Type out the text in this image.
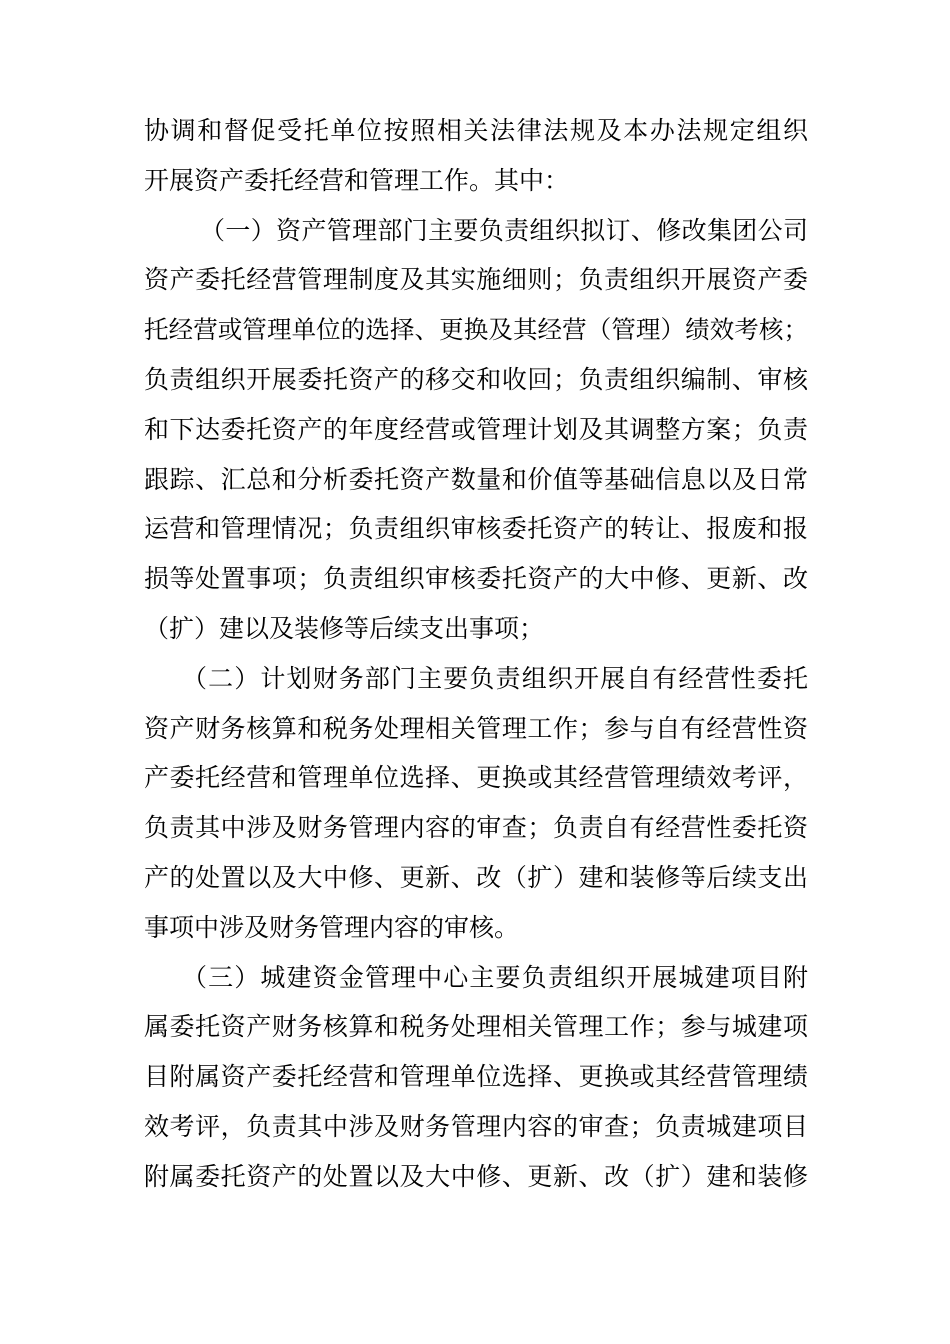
协调和督促受托单位按照相关法律法规及本办法规定组织
开展资产委托经营和管理工作。其中：
（一）资产管理部门主要负责组织拟订、修改集团公司
资产委托经营管理制度及其实施细则；负责组织开展资产委
托经营或管理单位的选择、更换及其经营（管理）绩效考核；
负责组织开展委托资产的移交和收回；负责组织编制、审核
和下达委托资产的年度经营或管理计划及其调整方案；负责
跟踪、汇总和分析委托资产数量和价值等基础信息以及日常
运营和管理情况；负责组织审核委托资产的转让、报废和报
损等处置事项；负责组织审核委托资产的大中修、更新、改
（扩）建以及装修等后续支出事项；
（二）计划财务部门主要负责组织开展自有经营性委托
资产财务核算和税务处理相关管理工作；参与自有经营性资
产委托经营和管理单位选择、更换或其经营管理绩效考评，
负责其中涉及财务管理内容的审查；负责自有经营性委托资
产的处置以及大中修、更新、改（扩）建和装修等后续支出
事项中涉及财务管理内容的审核。
（三）城建资金管理中心主要负责组织开展城建项目附
属委托资产财务核算和税务处理相关管理工作；参与城建项
目附属资产委托经营和管理单位选择、更换或其经营管理绩
效考评，负责其中涉及财务管理内容的审查；负责城建项目
附属委托资产的处置以及大中修、更新、改（扩）建和装修
